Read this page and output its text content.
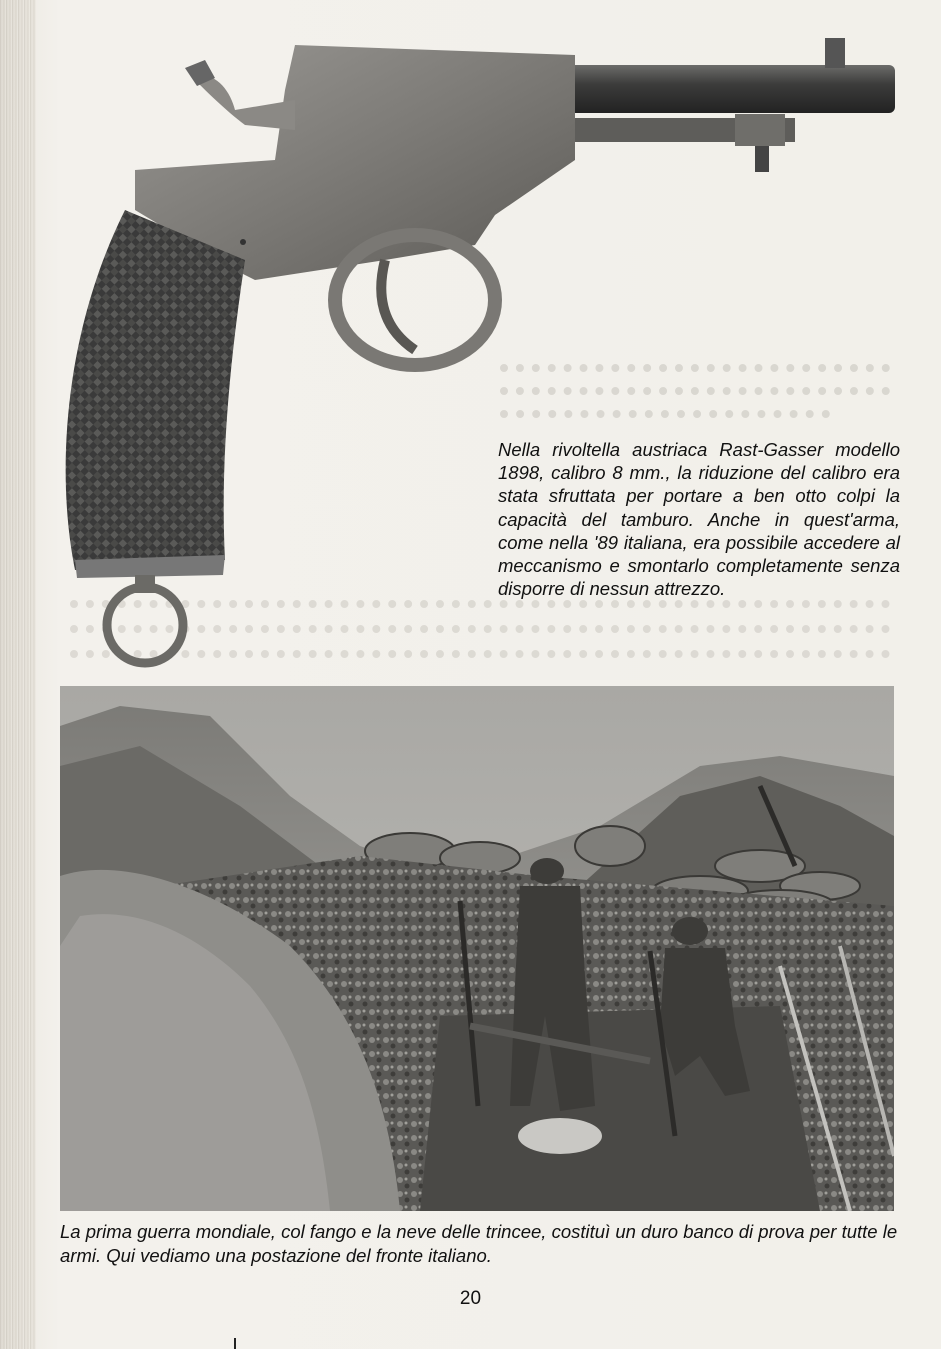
Nella rivoltella austriaca Rast-Gasser modello 1898, calibro 8 mm., la riduzione del calibro era stata sfruttata per portare a ben otto colpi la capacità del tamburo. Anche in quest'arma, come nella '89 italiana, era possibile accedere al meccanismo e smontarlo completamente senza disporre di nessun attrezzo.

La prima guerra mondiale, col fango e la neve delle trincee, costituì un duro banco di prova per tutte le armi. Qui vediamo una postazione del fronte italiano.

20
